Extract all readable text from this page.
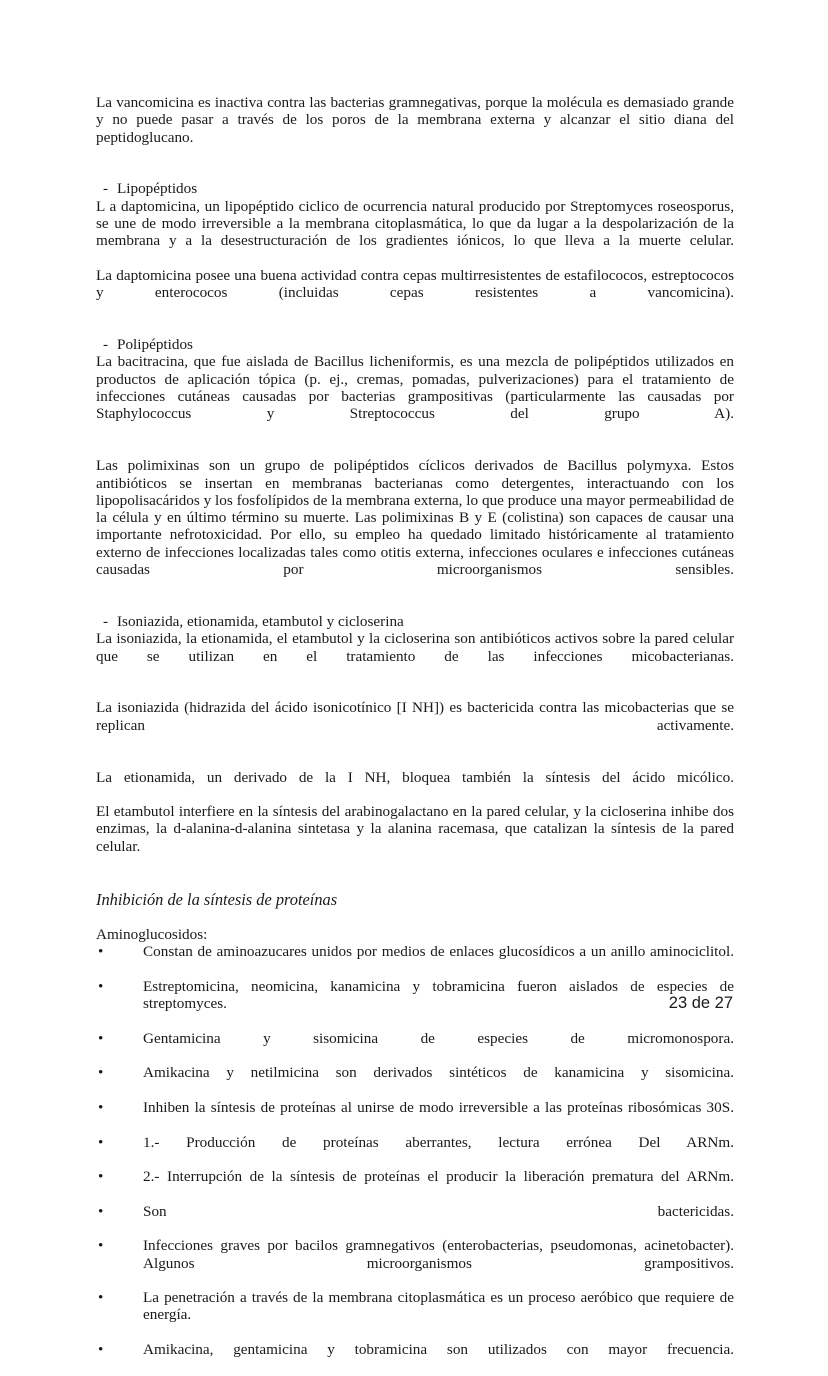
La vancomicina es inactiva contra las bacterias gramnegativas, porque la molécula es demasiado grande y no puede pasar a través de los poros de la membrana externa y alcanzar el sitio diana del peptidoglucano.

- Lipopéptidos

L a daptomicina, un lipopéptido ciclico de ocurrencia natural producido por Streptomyces roseosporus, se une de modo irreversible a la membrana citoplasmática, lo que da lugar a la despolarización de la membrana y a la desestructuración de los gradientes iónicos, lo que lleva a la muerte celular.

La daptomicina posee una buena actividad contra cepas multirresistentes de estafilococos, estreptococos y enterococos (incluidas cepas resistentes a vancomicina).

- Polipéptidos

La bacitracina, que fue aislada de Bacillus licheniformis, es una mezcla de polipéptidos utilizados en productos de aplicación tópica (p. ej., cremas, pomadas, pulverizaciones) para el tratamiento de infecciones cutáneas causadas por bacterias grampositivas (particularmente las causadas por Staphylococcus y Streptococcus del grupo A).

Las polimixinas son un grupo de polipéptidos cíclicos derivados de Bacillus polymyxa. Estos antibióticos se insertan en membranas bacterianas como detergentes, interactuando con los lipopolisacáridos y los fosfolípidos de la membrana externa, lo que produce una mayor permeabilidad de la célula y en último término su muerte. Las polimixinas B y E (colistina) son capaces de causar una importante nefrotoxicidad. Por ello, su empleo ha quedado limitado históricamente al tratamiento externo de infecciones localizadas tales como otitis externa, infecciones oculares e infecciones cutáneas causadas por microorganismos sensibles.

- Isoniazida, etionamida, etambutol y cicloserina

La isoniazida, la etionamida, el etambutol y la cicloserina son antibióticos activos sobre la pared celular que se utilizan en el tratamiento de las infecciones micobacterianas.

La isoniazida (hidrazida del ácido isonicotínico [I NH]) es bactericida contra las micobacterias que se replican activamente.

La etionamida, un derivado de la I NH, bloquea también la síntesis del ácido micólico.

El etambutol interfiere en la síntesis del arabinogalactano en la pared celular, y la cicloserina inhibe dos enzimas, la d-alanina-d-alanina sintetasa y la alanina racemasa, que catalizan la síntesis de la pared celular.

Inhibición de la síntesis de proteínas

Aminoglucosidos:

•	Constan de aminoazucares unidos por medios de enlaces glucosídicos a un anillo aminociclitol.
•	Estreptomicina, neomicina, kanamicina y tobramicina fueron aislados de especies de streptomyces.
•	Gentamicina y sisomicina de especies de micromonospora.
•	Amikacina y netilmicina son derivados sintéticos de kanamicina y sisomicina.
•	Inhiben la síntesis de proteínas al unirse de modo irreversible a las proteínas ribosómicas 30S.
•	1.- Producción de proteínas aberrantes, lectura errónea Del ARNm.
•	2.- Interrupción de la síntesis de proteínas el producir la liberación prematura del ARNm.
•	Son bactericidas.
•	Infecciones graves por bacilos gramnegativos (enterobacterias, pseudomonas, acinetobacter). Algunos microorganismos grampositivos.
•	La penetración a través de la membrana citoplasmática es un proceso aeróbico que requiere de energía.
•	Amikacina, gentamicina y tobramicina son utilizados con mayor frecuencia.
23 de 27
